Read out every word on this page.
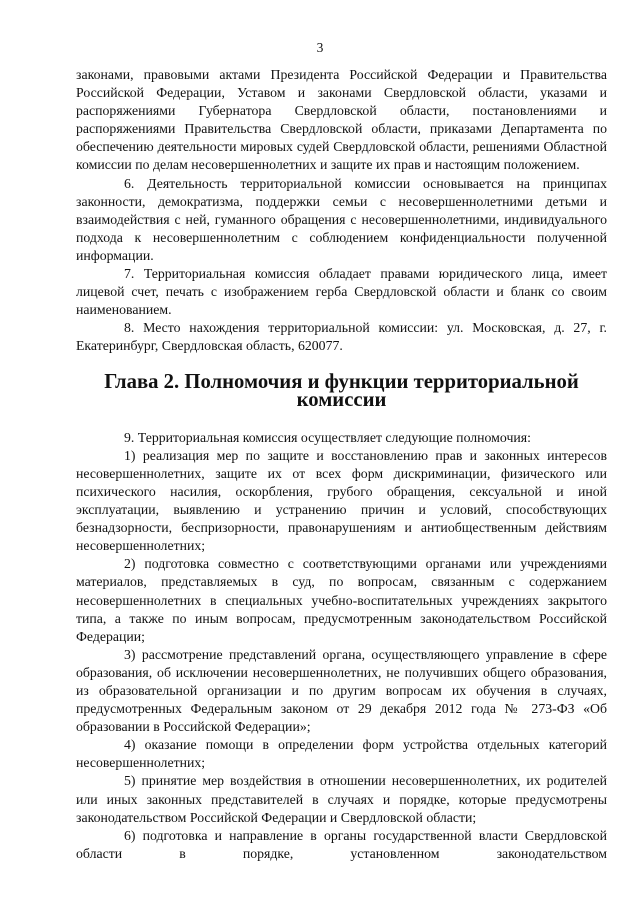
3

законами, правовыми актами Президента Российской Федерации и Правительства Российской Федерации, Уставом и законами Свердловской области, указами и распоряжениями Губернатора Свердловской области, постановлениями и распоряжениями Правительства Свердловской области, приказами Департамента по обеспечению деятельности мировых судей Свердловской области, решениями Областной комиссии по делам несовершеннолетних и защите их прав и настоящим положением.

6. Деятельность территориальной комиссии основывается на принципах законности, демократизма, поддержки семьи с несовершеннолетними детьми и взаимодействия с ней, гуманного обращения с несовершеннолетними, индивидуального подхода к несовершеннолетним с соблюдением конфиденциальности полученной информации.

7. Территориальная комиссия обладает правами юридического лица, имеет лицевой счет, печать с изображением герба Свердловской области и бланк со своим наименованием.

8. Место нахождения территориальной комиссии: ул. Московская, д. 27, г. Екатеринбург, Свердловская область, 620077.

Глава 2. Полномочия и функции территориальной комиссии

9. Территориальная комиссия осуществляет следующие полномочия:

1) реализация мер по защите и восстановлению прав и законных интересов несовершеннолетних, защите их от всех форм дискриминации, физического или психического насилия, оскорбления, грубого обращения, сексуальной и иной эксплуатации, выявлению и устранению причин и условий, способствующих безнадзорности, беспризорности, правонарушениям и антиобщественным действиям несовершеннолетних;

2) подготовка совместно с соответствующими органами или учреждениями материалов, представляемых в суд, по вопросам, связанным с содержанием несовершеннолетних в специальных учебно-воспитательных учреждениях закрытого типа, а также по иным вопросам, предусмотренным законодательством Российской Федерации;

3) рассмотрение представлений органа, осуществляющего управление в сфере образования, об исключении несовершеннолетних, не получивших общего образования, из образовательной организации и по другим вопросам их обучения в случаях, предусмотренных Федеральным законом от 29 декабря 2012 года № 273-ФЗ «Об образовании в Российской Федерации»;

4) оказание помощи в определении форм устройства отдельных категорий несовершеннолетних;

5) принятие мер воздействия в отношении несовершеннолетних, их родителей или иных законных представителей в случаях и порядке, которые предусмотрены законодательством Российской Федерации и Свердловской области;

6) подготовка и направление в органы государственной власти Свердловской области в порядке, установленном законодательством
